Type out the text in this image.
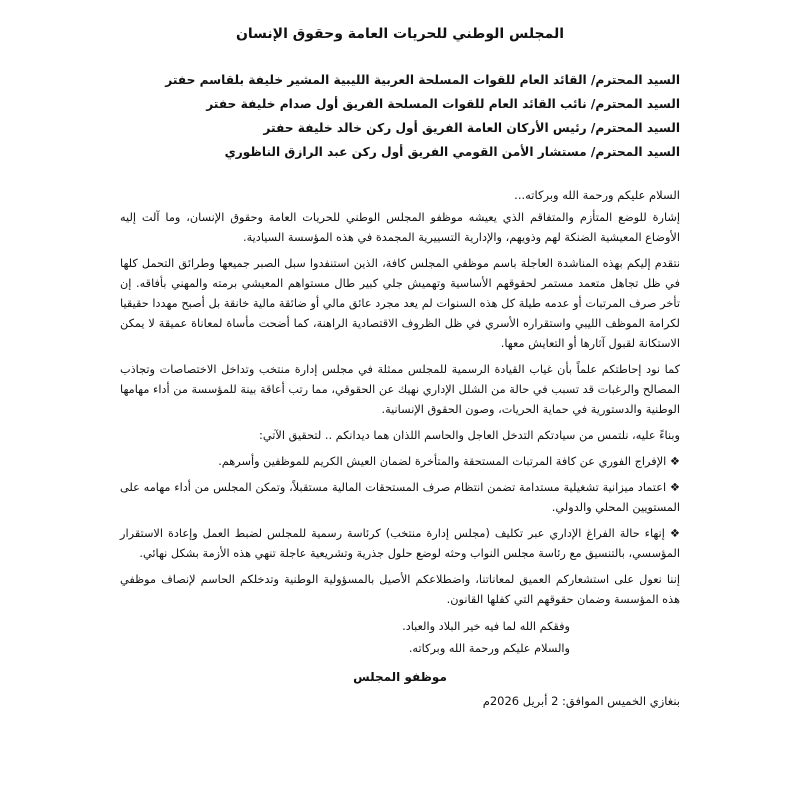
المجلس الوطني للحريات العامة وحقوق الإنسان
السيد المحترم/ القائد العام للقوات المسلحة العربية الليبية المشير خليفة بلقاسم حفتر
السيد المحترم/ نائب القائد العام للقوات المسلحة الفريق أول صدام خليفة حفتر
السيد المحترم/ رئيس الأركان العامة الفريق أول ركن خالد خليفة حفتر
السيد المحترم/ مستشار الأمن القومي الفريق أول ركن عبد الرازق الناظوري
السلام عليكم ورحمة الله وبركاته...

إشارة للوضع المتأزم والمتفاقم الذي يعيشه موظفو المجلس الوطني للحريات العامة وحقوق الإنسان، وما آلت إليه الأوضاع المعيشية الضنكة لهم وذويهم، والإدارية التسييرية المجمدة في هذه المؤسسة السيادية.

نتقدم إليكم بهذه المناشدة العاجلة باسم موظفي المجلس كافة، الذين استنفدوا سبل الصبر جميعها وطرائق التحمل كلها في ظل تجاهل متعمد مستمر لحقوقهم الأساسية وتهميش جلي كبير طال مستواهم المعيشي برمته والمهني بأفاقه. إن تأخر صرف المرتبات أو عدمه طيلة كل هذه السنوات لم يعد مجرد عائق مالي أو ضائقة مالية خانقة بل أصبح مهددا حقيقيا لكرامة الموظف الليبي واستقراره الأسري في ظل الظروف الاقتصادية الراهنة، كما أضحت مأساة لمعاناة عميقة لا يمكن الاستكانة لقبول آثارها أو التعايش معها.

كما نود إحاطتكم علماً بأن غياب القيادة الرسمية للمجلس ممثلة في مجلس إدارة منتخب وتداخل الاختصاصات وتجاذب المصالح والرغبات قد تسبب في حالة من الشلل الإداري نهيك عن الحقوقي، مما رتب أعاقة بينة للمؤسسة من أداء مهامها الوطنية والدستورية في حماية الحريات، وصون الحقوق الإنسانية.

وبناءً عليه، نلتمس من سيادتكم التدخل العاجل والحاسم اللذان هما ديدانكم .. لتحقيق الآتي:

❖ الإفراج الفوري عن كافة المرتبات المستحقة والمتأخرة لضمان العيش الكريم للموظفين وأسرهم.

❖ اعتماد ميزانية تشغيلية مستدامة تضمن انتظام صرف المستحقات المالية مستقبلاً، وتمكن المجلس من أداء مهامه على المستويين المحلي والدولي.

❖ إنهاء حالة الفراغ الإداري عبر تكليف (مجلس إدارة منتخب) كرئاسة رسمية للمجلس لضبط العمل وإعادة الاستقرار المؤسسي، بالتنسيق مع رئاسة مجلس النواب وحثه لوضع حلول جذرية وتشريعية عاجلة تنهي هذه الأزمة بشكل نهائي.

إننا نعول على استشعاركم العميق لمعاناتنا، واضطلاعكم الأصيل بالمسؤولية الوطنية وتدخلكم الحاسم لإنصاف موظفي هذه المؤسسة وضمان حقوقهم التي كفلها القانون.

وفقكم الله لما فيه خير البلاد والعباد.
والسلام عليكم ورحمة الله وبركاته.
موظفو المجلس
بنغازي الخميس الموافق: 2 أبريل 2026م
